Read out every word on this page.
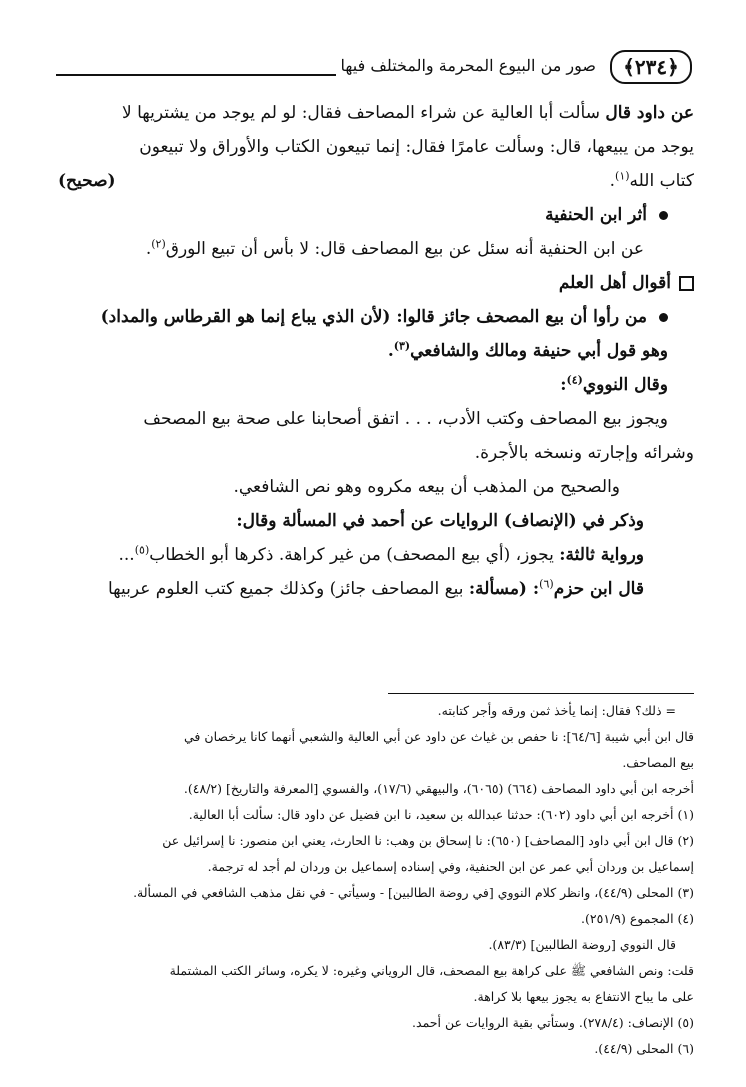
﴿٢٣٤﴾
صور من البيوع المحرمة والمختلف فيها
عن داود قال سألت أبا العالية عن شراء المصاحف فقال: لو لم يوجد من يشتريها لا
يوجد من يبيعها، قال: وسألت عامرًا فقال: إنما تبيعون الكتاب والأوراق ولا تبيعون
كتاب الله$^{(١)}$.
(صحيح)
أثر ابن الحنفية
عن ابن الحنفية أنه سئل عن بيع المصاحف قال: لا بأس أن تبيع الورق$^{(٢)}$.
أقوال أهل العلم
من رأوا أن بيع المصحف جائز قالوا: (لأن الذي يباع إنما هو القرطاس والمداد)
وهو قول أبي حنيفة ومالك والشافعي$^{(٣)}$.
وقال النووي$^{(٤)}$:
ويجوز بيع المصاحف وكتب الأدب، . . . اتفق أصحابنا على صحة بيع المصحف
وشرائه وإجارته ونسخه بالأجرة.
والصحيح من المذهب أن بيعه مكروه وهو نص الشافعي.
وذكر في (الإنصاف) الروايات عن أحمد في المسألة وقال:
ورواية ثالثة: يجوز، (أي بيع المصحف) من غير كراهة. ذكرها أبو الخطاب$^{(٥)}$...
قال ابن حزم$^{(٦)}$: (مسألة: بيع المصاحف جائز) وكذلك جميع كتب العلوم عربيها
= ذلك؟ فقال: إنما يأخذ ثمن ورقه وأجر كتابته.
قال ابن أبي شيبة [٦٤/٦]: نا حفص بن غياث عن داود عن أبي العالية والشعبي أنهما كانا يرخصان في
بيع المصاحف.
أخرجه ابن أبي داود المصاحف (٦٦٤) (٦٠٦٥)، والبيهقي (١٧/٦)، والفسوي [المعرفة والتاريخ] (٤٨/٢).
(١) أخرجه ابن أبي داود (٦٠٢): حدثنا عبدالله بن سعيد، نا ابن فضيل عن داود قال: سألت أبا العالية.
(٢) قال ابن أبي داود [المصاحف] (٦٥٠): نا إسحاق بن وهب: نا الحارث، يعني ابن منصور: نا إسرائيل عن
إسماعيل بن وردان أبي عمر عن ابن الحنفية، وفي إسناده إسماعيل بن وردان لم أجد له ترجمة.
(٣) المحلى (٤٤/٩)، وانظر كلام النووي [في روضة الطالبين] - وسيأتي - في نقل مذهب الشافعي في المسألة.
(٤) المجموع (٢٥١/٩).
قال النووي [روضة الطالبين] (٨٣/٣).
قلت: ونص الشافعي ﷺ على كراهة بيع المصحف، قال الروياني وغيره: لا يكره، وسائر الكتب المشتملة
على ما يباح الانتفاع به يجوز بيعها بلا كراهة.
(٥) الإنصاف: (٢٧٨/٤). وستأتي بقية الروايات عن أحمد.
(٦) المحلى (٤٤/٩).
